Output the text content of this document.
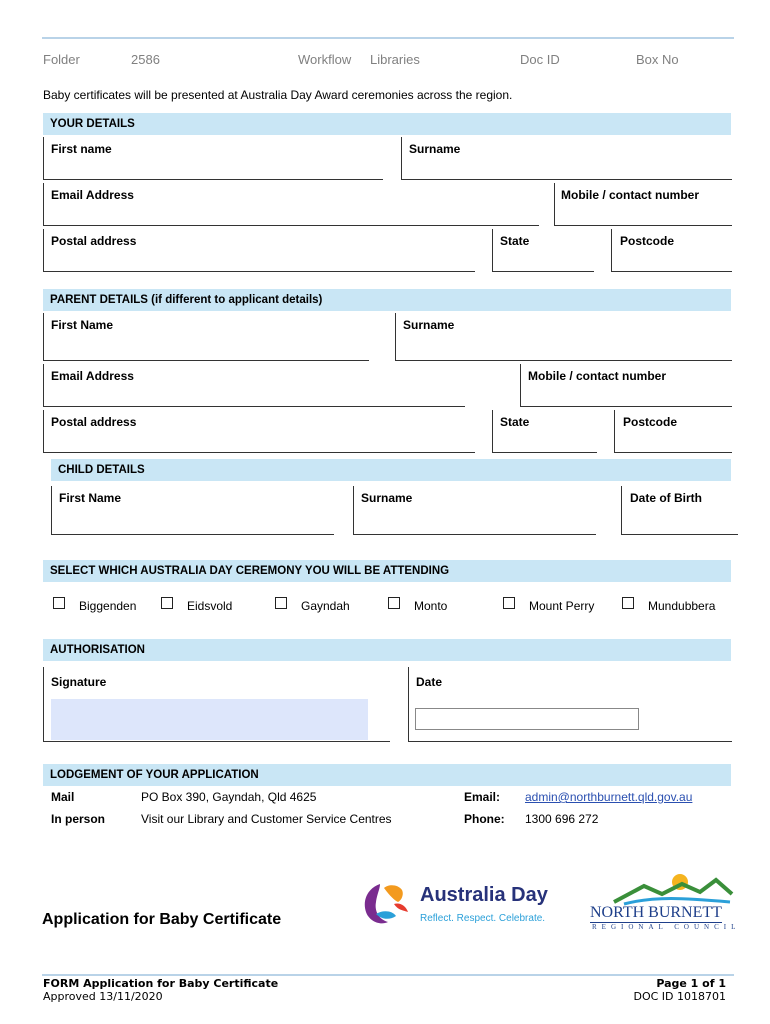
Folder	2586	Workflow Libraries	Doc ID	Box No
Baby certificates will be presented at Australia Day Award ceremonies across the region.
YOUR DETAILS
First name	Surname
Email Address	Mobile / contact number
Postal address	State	Postcode
PARENT DETAILS (if different to applicant details)
First Name	Surname
Email Address	Mobile / contact number
Postal address	State	Postcode
CHILD DETAILS
First Name	Surname	Date of Birth
SELECT WHICH AUSTRALIA DAY CEREMONY YOU WILL BE ATTENDING
Biggenden	Eidsvold	Gayndah	Monto	Mount Perry	Mundubbera
AUTHORISATION
Signature	Date
LODGEMENT OF YOUR APPLICATION
Mail	PO Box 390, Gayndah, Qld 4625	Email: admin@northburnett.qld.gov.au
In person	Visit our Library and Customer Service Centres	Phone: 1300 696 272
Application for Baby Certificate
Australia Day
Reflect. Respect. Celebrate.	NORTH BURNETT
REGIONAL COUNCIL
FORM Application for Baby Certificate
Approved 13/11/2020
Page 1 of 1
DOC ID 1018701
